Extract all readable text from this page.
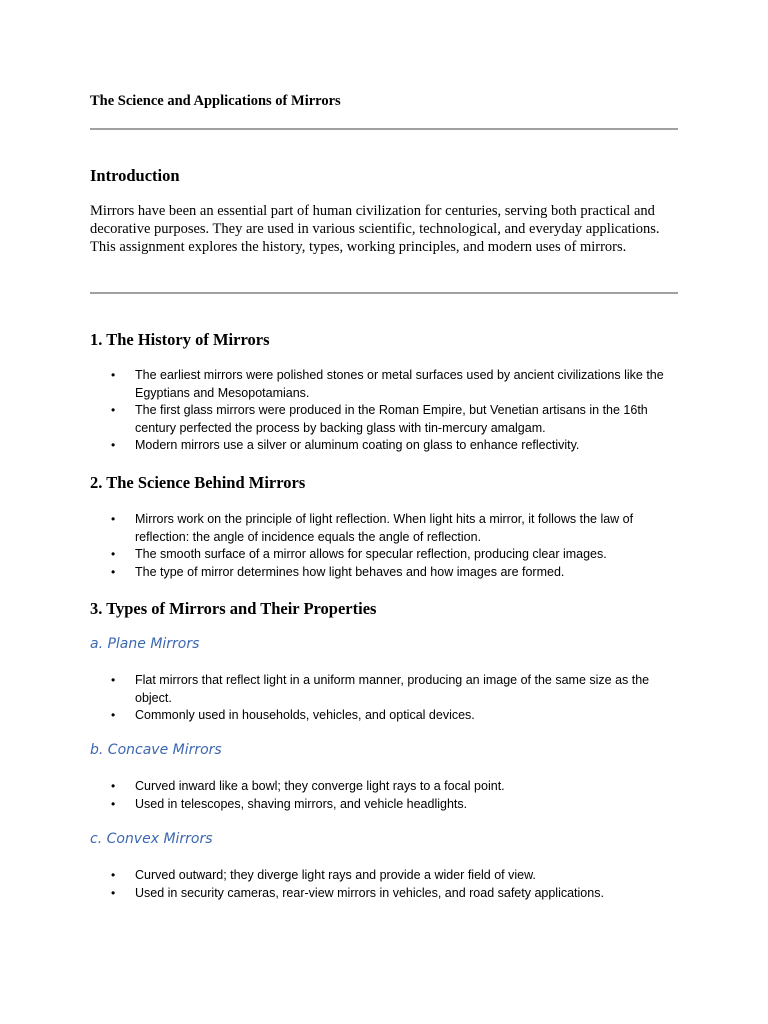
The Science and Applications of Mirrors
Introduction
Mirrors have been an essential part of human civilization for centuries, serving both practical and decorative purposes. They are used in various scientific, technological, and everyday applications. This assignment explores the history, types, working principles, and modern uses of mirrors.
1. The History of Mirrors
• The earliest mirrors were polished stones or metal surfaces used by ancient civilizations like the Egyptians and Mesopotamians.
• The first glass mirrors were produced in the Roman Empire, but Venetian artisans in the 16th century perfected the process by backing glass with tin-mercury amalgam.
• Modern mirrors use a silver or aluminum coating on glass to enhance reflectivity.
2. The Science Behind Mirrors
• Mirrors work on the principle of light reflection. When light hits a mirror, it follows the law of reflection: the angle of incidence equals the angle of reflection.
• The smooth surface of a mirror allows for specular reflection, producing clear images.
• The type of mirror determines how light behaves and how images are formed.
3. Types of Mirrors and Their Properties
a. Plane Mirrors
• Flat mirrors that reflect light in a uniform manner, producing an image of the same size as the object.
• Commonly used in households, vehicles, and optical devices.
b. Concave Mirrors
• Curved inward like a bowl; they converge light rays to a focal point.
• Used in telescopes, shaving mirrors, and vehicle headlights.
c. Convex Mirrors
• Curved outward; they diverge light rays and provide a wider field of view.
• Used in security cameras, rear-view mirrors in vehicles, and road safety applications.
